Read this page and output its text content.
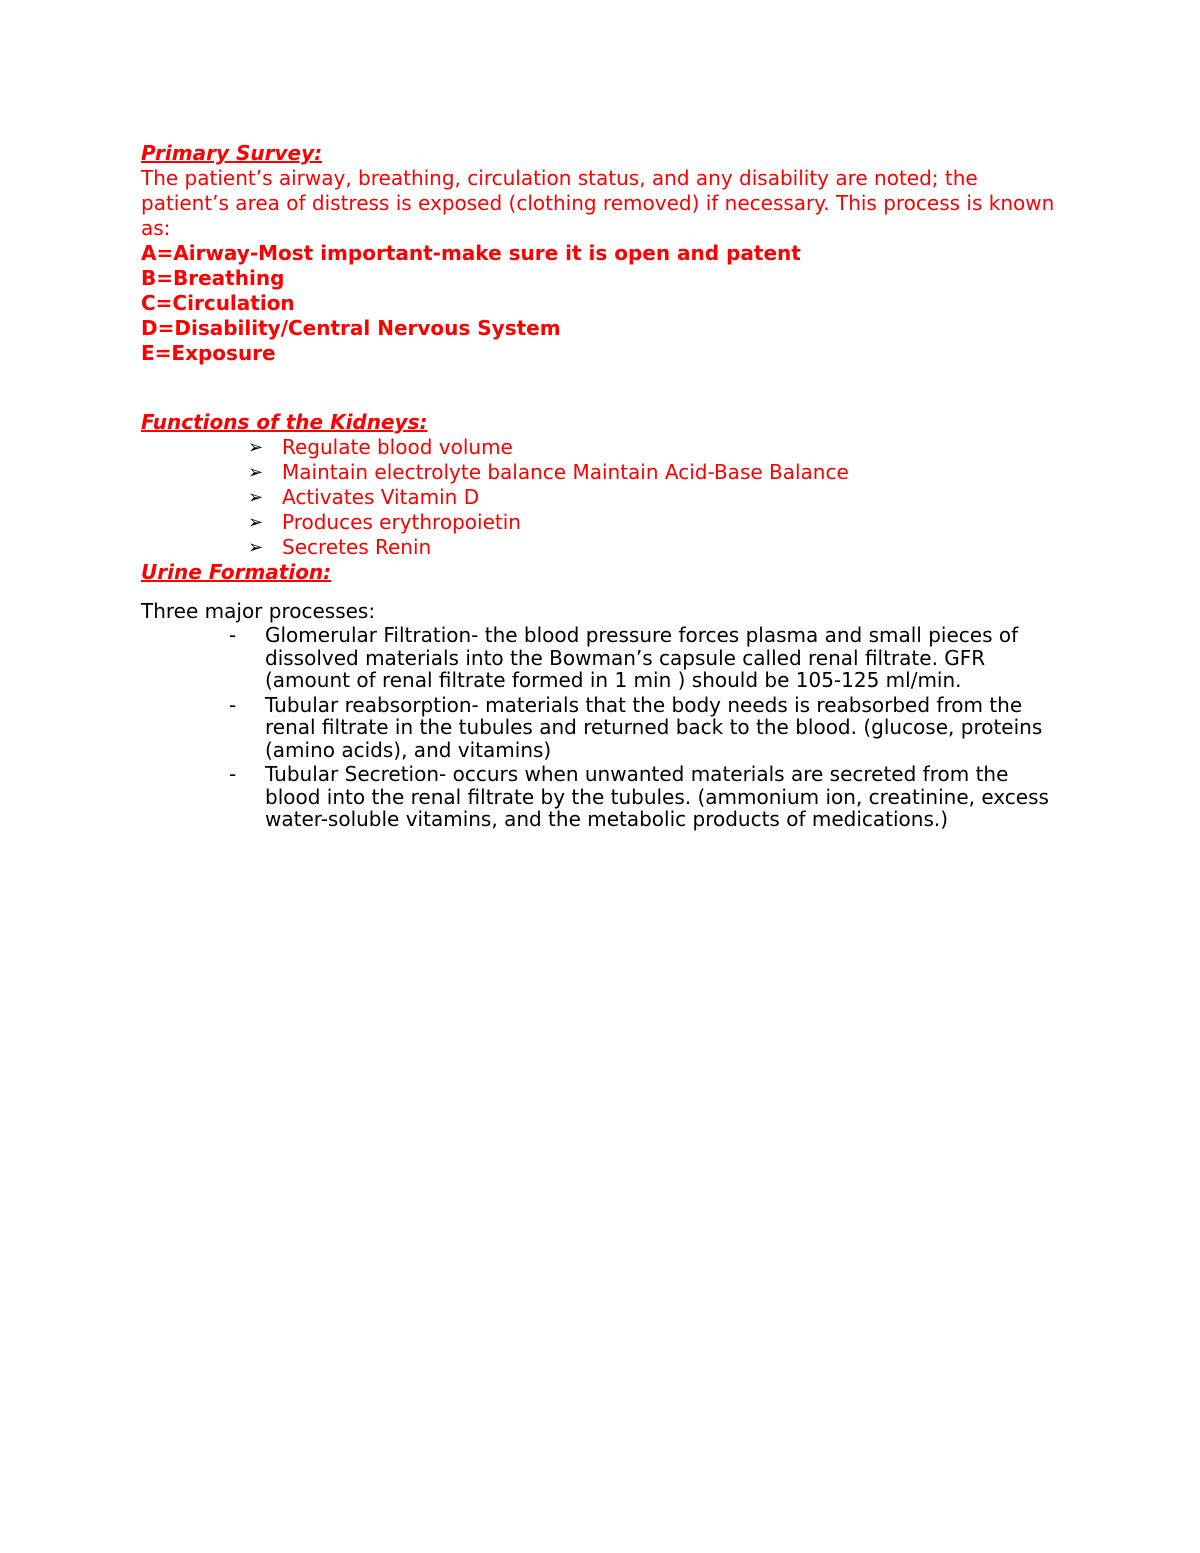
Primary Survey:

The patient’s airway, breathing, circulation status, and any disability are noted; the patient’s area of distress is exposed (clothing removed) if necessary. This process is known as:

A=Airway-Most important-make sure it is open and patent
B=Breathing
C=Circulation
D=Disability/Central Nervous System
E=Exposure

Functions of the Kidneys:

➢ Regulate blood volume
➢ Maintain electrolyte balance Maintain Acid-Base Balance
➢ Activates Vitamin D
➢ Produces erythropoietin
➢ Secretes Renin

Urine Formation:

Three major processes:

- Glomerular Filtration- the blood pressure forces plasma and small pieces of dissolved materials into the Bowman’s capsule called renal filtrate. GFR (amount of renal filtrate formed in 1 min ) should be 105-125 ml/min.
- Tubular reabsorption- materials that the body needs is reabsorbed from the renal filtrate in the tubules and returned back to the blood. (glucose, proteins (amino acids), and vitamins)
- Tubular Secretion- occurs when unwanted materials are secreted from the blood into the renal filtrate by the tubules. (ammonium ion, creatinine, excess water-soluble vitamins, and the metabolic products of medications.)
